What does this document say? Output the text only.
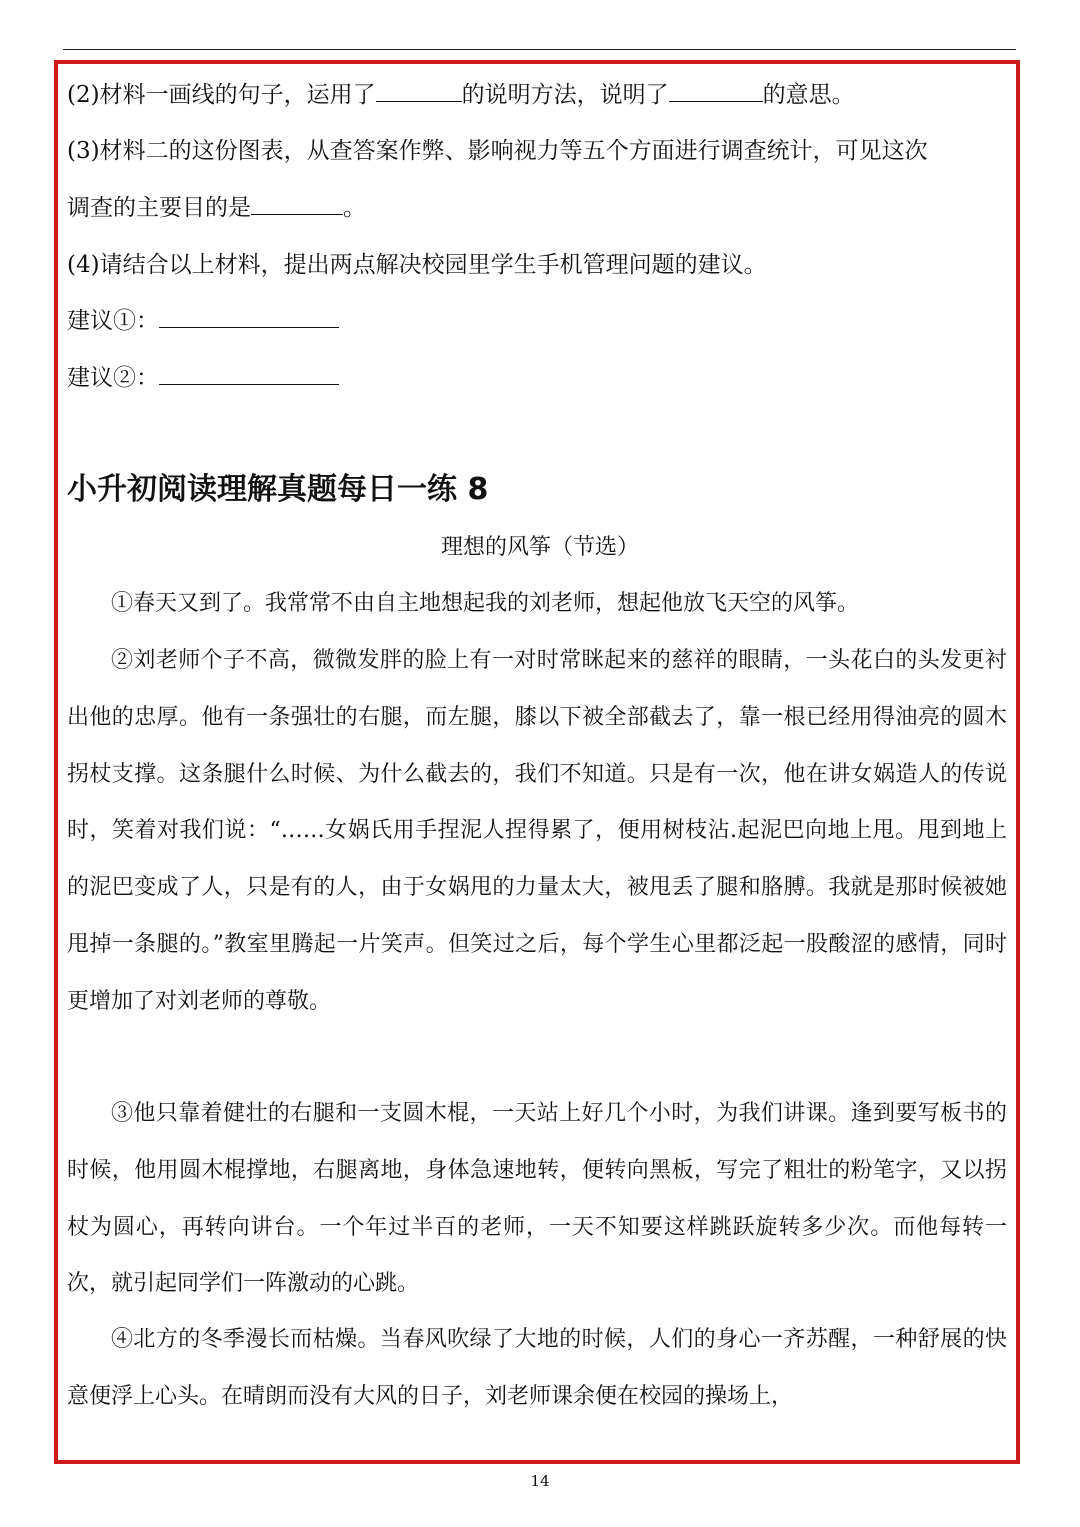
(2)材料一画线的句子，运用了	的说明方法，说明了	的意思。
(3)材料二的这份图表，从查答案作弊、影响视力等五个方面进行调查统计，可见这次
调查的主要目的是	。
(4)请结合以上材料，提出两点解决校园里学生手机管理问题的建议。
建议①：
建议②：
小升初阅读理解真题每日一练 8
理想的风筝（节选）
①春天又到了。我常常不由自主地想起我的刘老师，想起他放飞天空的风筝。
②刘老师个子不高，微微发胖的脸上有一对时常眯起来的慈祥的眼睛，一头花白的头发更衬出他的忠厚。他有一条强壮的右腿，而左腿，膝以下被全部截去了，靠一根已经用得油亮的圆木拐杖支撑。这条腿什么时候、为什么截去的，我们不知道。只是有一次，他在讲女娲造人的传说时，笑着对我们说：“……女娲氏用手捏泥人捏得累了，便用树枝沾.起泥巴向地上甩。甩到地上的泥巴变成了人，只是有的人，由于女娲甩的力量太大，被甩丢了腿和胳膊。我就是那时候被她甩掉一条腿的。”教室里腾起一片笑声。但笑过之后，每个学生心里都泛起一股酸涩的感情，同时更增加了对刘老师的尊敬。
③他只靠着健壮的右腿和一支圆木棍，一天站上好几个小时，为我们讲课。逢到要写板书的时候，他用圆木棍撑地，右腿离地，身体急速地转，便转向黑板，写完了粗壮的粉笔字，又以拐杖为圆心，再转向讲台。一个年过半百的老师，一天不知要这样跳跃旋转多少次。而他每转一次，就引起同学们一阵激动的心跳。
④北方的冬季漫长而枯燥。当春风吹绿了大地的时候，人们的身心一齐苏醒，一种舒展的快意便浮上心头。在晴朗而没有大风的日子，刘老师课余便在校园的操场上，
14
